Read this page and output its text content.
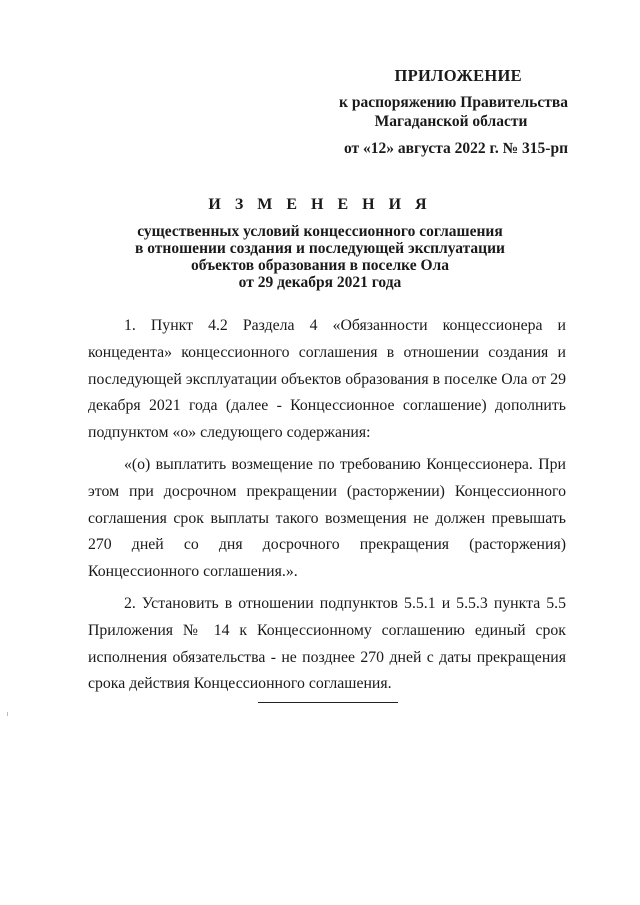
ПРИЛОЖЕНИЕ
к распоряжению Правительства
Магаданской области
от «12» августа 2022 г. № 315-рп
И З М Е Н Е Н И Я
существенных условий концессионного соглашения
в отношении создания и последующей эксплуатации
объектов образования в поселке Ола
от 29 декабря 2021 года

1. Пункт 4.2 Раздела 4 «Обязанности концессионера и концедента» концессионного соглашения в отношении создания и последующей эксплуатации объектов образования в поселке Ола от 29 декабря 2021 года (далее - Концессионное соглашение) дополнить подпунктом «о» следующего содержания:

«(о) выплатить возмещение по требованию Концессионера. При этом при досрочном прекращении (расторжении) Концессионного соглашения срок выплаты такого возмещения не должен превышать 270 дней со дня досрочного прекращения (расторжения) Концессионного соглашения.».

2. Установить в отношении подпунктов 5.5.1 и 5.5.3 пункта 5.5 Приложения № 14 к Концессионному соглашению единый срок исполнения обязательства - не позднее 270 дней с даты прекращения срока действия Концессионного соглашения.
